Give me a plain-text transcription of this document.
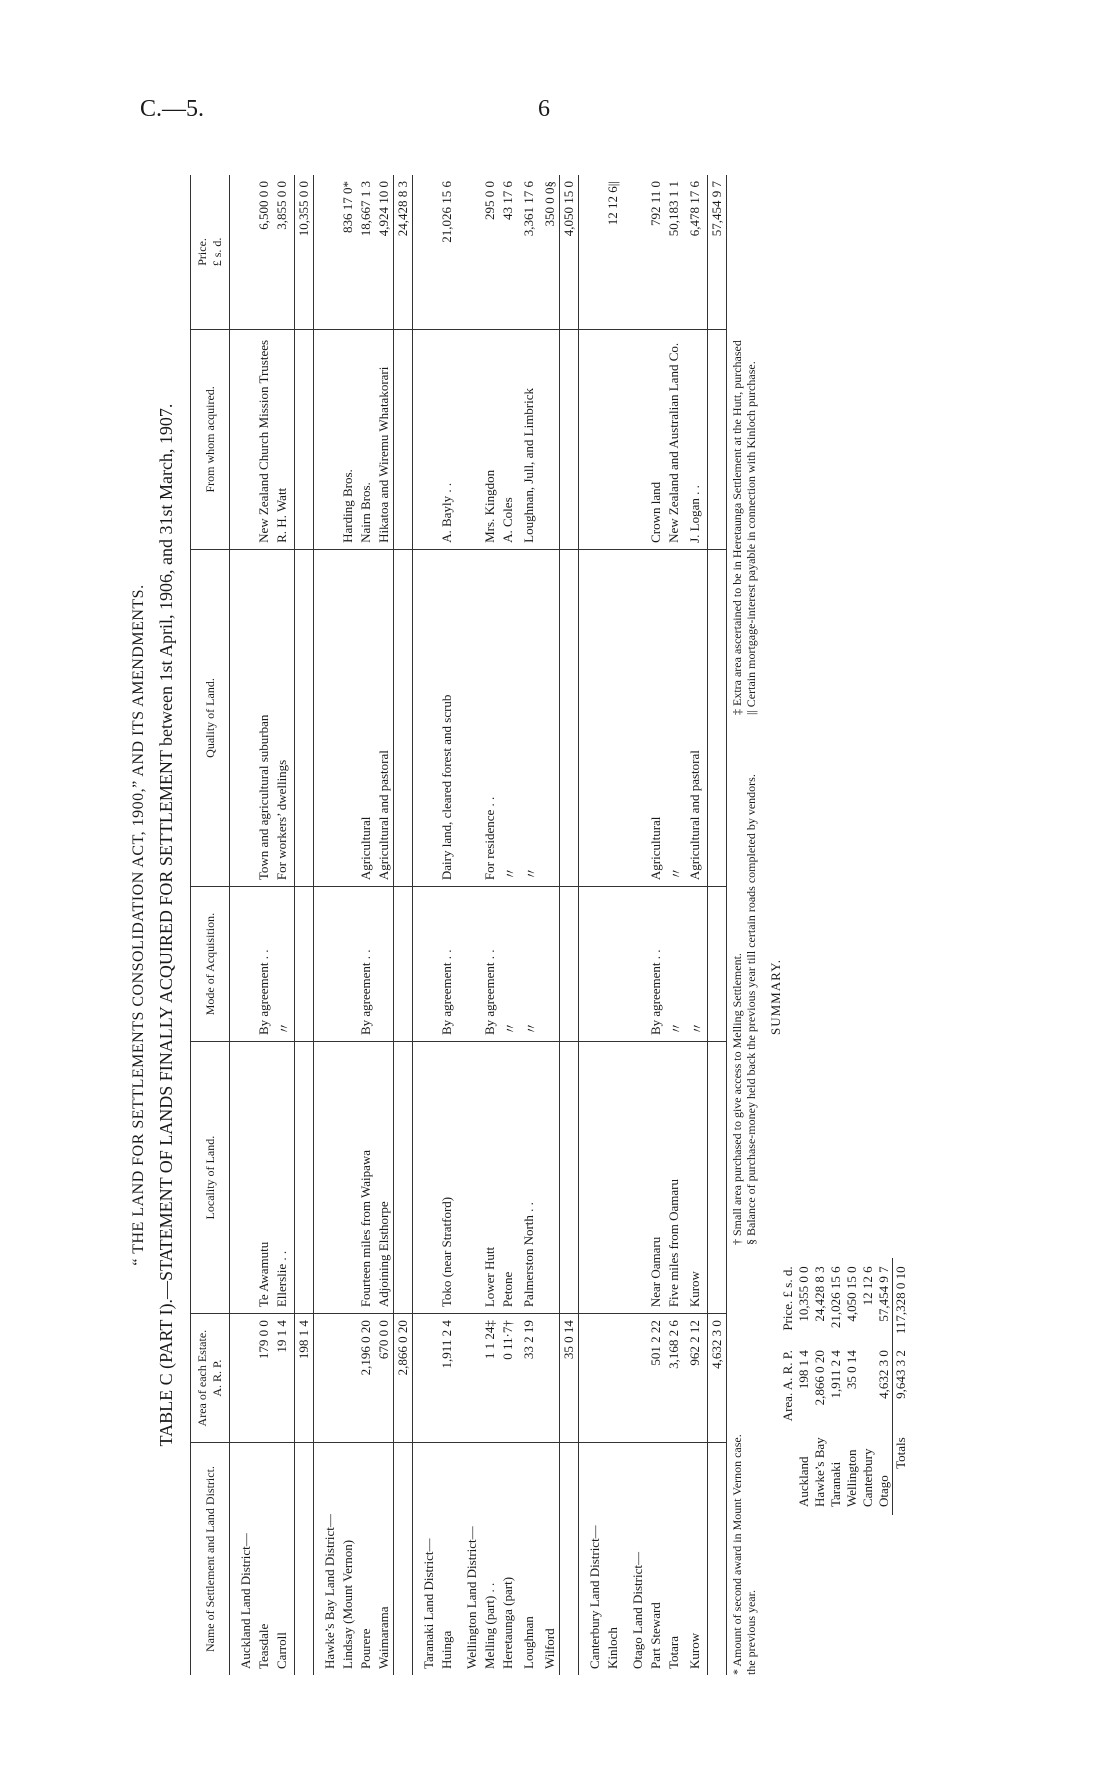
C.—5.	6
“ THE LAND FOR SETTLEMENTS CONSOLIDATION ACT, 1900,” AND ITS AMENDMENTS. TABLE C (PART I).—STATEMENT OF LANDS FINALLY ACQUIRED FOR SETTLEMENT between 1st April, 1906, and 31st March, 1907.
Name of Settlement and Land District.	Area of each Estate.
A. R. P.	Locality of Land.	Mode of Acquisition.	Quality of Land.	From whom acquired.	Price.
£ s. d.
Auckland Land District—						
Teasdale	179 0 0	Te Awamutu	By agreement . .	Town and agricultural suburban	New Zealand Church Mission Trustees	6,500 0 0
Carroll	19 1 4	Ellerslie . .	〃	For workers’ dwellings	R. H. Watt	3,855 0 0
	198 1 4					10,355 0 0
Hawke’s Bay Land District—						
Lindsay (Mount Vernon)					Harding Bros.	836 17 0*
Pourere	2,196 0 20	Fourteen miles from Waipawa	By agreement . .	Agricultural	Nairn Bros.	18,667 1 3
Waimarama	670 0 0	Adjoining Elsthorpe		Agricultural and pastoral	Hikatoa and Wiremu Whatakorari	4,924 10 0
	2,866 0 20					24,428 8 3
Taranaki Land District—						
Huinga	1,911 2 4	Toko (near Stratford)	By agreement . .	Dairy land, cleared forest and scrub	A. Bayly . .	21,026 15 6
Wellington Land District—						
Melling (part) . .	1 1 24‡	Lower Hutt	By agreement . .	For residence . .	Mrs. Kingdon	295 0 0
Heretaunga (part)	0 11·7†	Petone	〃	〃	A. Coles	43 17 6
Loughnan	33 2 19	Palmerston North . .	〃	〃	Loughnan, Jull, and Limbrick	3,361 17 6
Wilford						350 0 0§
	35 0 14					4,050 15 0
Canterbury Land District—						
Kinloch						12 12 6||
Otago Land District—						
Part Steward	501 2 22	Near Oamaru	By agreement . .	Agricultural	Crown land	792 11 0
Totara	3,168 2 6	Five miles from Oamaru	〃	〃	New Zealand and Australian Land Co.	50,183 1 1
Kurow	962 2 12	Kurow	〃	Agricultural and pastoral	J. Logan . .	6,478 17 6
	4,632 3 0					57,454 9 7
* Amount of second award in Mount Vernon case. the previous year.
† Small area purchased to give access to Melling Settlement. § Balance of purchase-money held back the previous year till certain roads completed by vendors.
‡ Extra area ascertained to be in Heretaunga Settlement at the Hutt, purchased || Certain mortgage-interest payable in connection with Kinloch purchase.
SUMMARY.
	Area. A. R. P.	Price. £ s. d.
Auckland	198 1 4	10,355 0 0
Hawke’s Bay	2,866 0 20	24,428 8 3
Taranaki	1,911 2 4	21,026 15 6
Wellington	35 0 14	4,050 15 0
Canterbury		12 12 6
Otago	4,632 3 0	57,454 9 7
Totals	9,643 3 2	117,328 0 10
